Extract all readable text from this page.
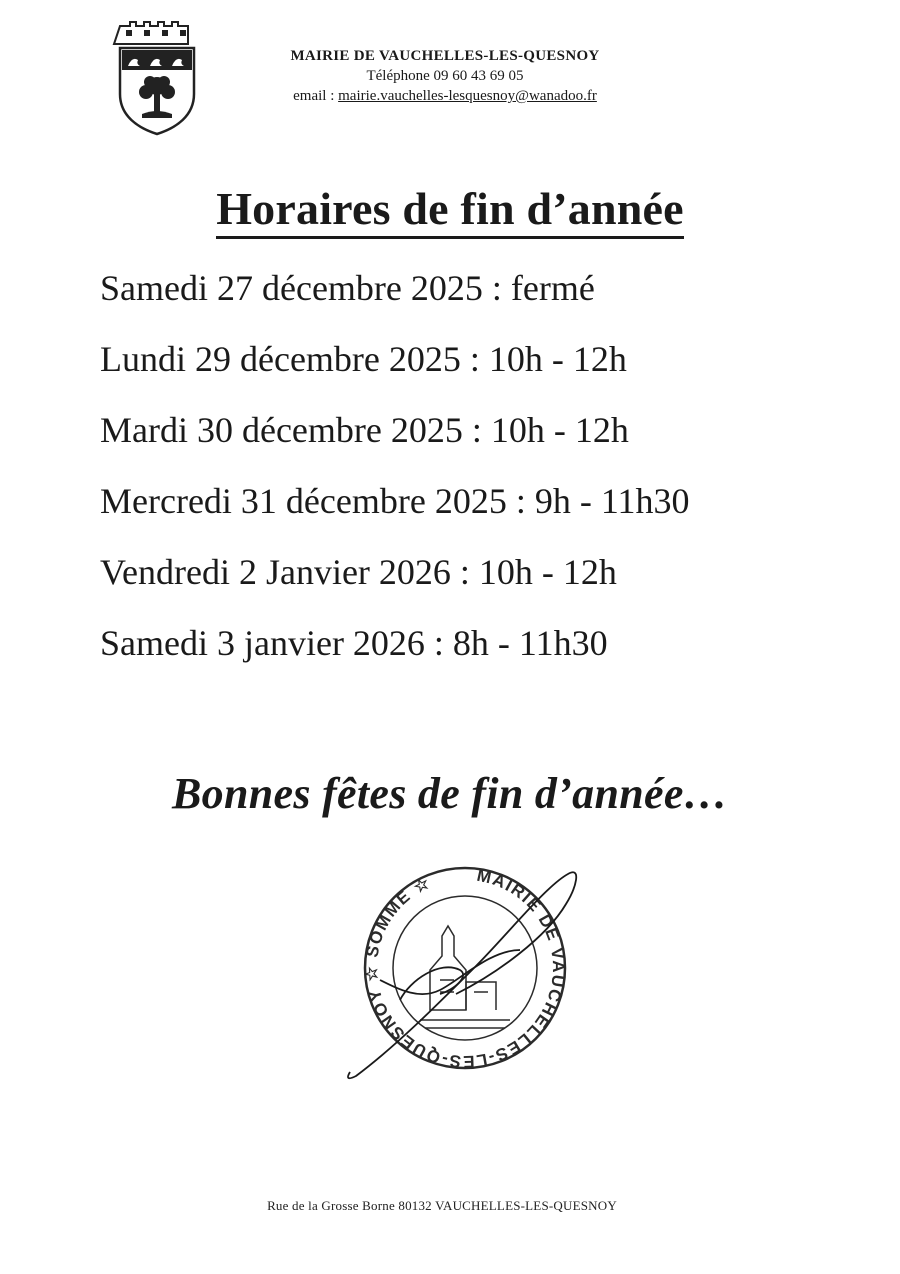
MAIRIE DE VAUCHELLES-LES-QUESNOY
Téléphone 09 60 43 69 05
email : mairie.vauchelles-lesquesnoy@wanadoo.fr
Horaires de fin d’année
Samedi 27 décembre 2025 : fermé
Lundi 29 décembre 2025 : 10h - 12h
Mardi 30 décembre 2025 : 10h - 12h
Mercredi 31 décembre 2025 : 9h - 11h30
Vendredi 2 Janvier 2026 : 10h - 12h
Samedi 3 janvier 2026 : 8h - 11h30
Bonnes fêtes de fin d’année…
MAIRIE DE VAUCHELLES-LES-QUESNOY ☆ SOMME ☆
Rue de la Grosse Borne 80132 VAUCHELLES-LES-QUESNOY
